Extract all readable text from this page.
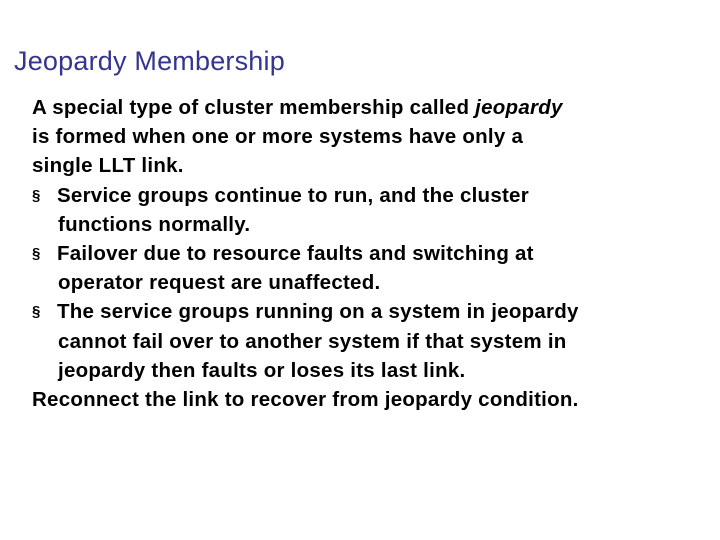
Jeopardy Membership
A special type of cluster membership called jeopardy
is formed when one or more systems have only a
single LLT link.
§ Service groups continue to run, and the cluster
functions normally.
§ Failover due to resource faults and switching at
operator request are unaffected.
§ The service groups running on a system in jeopardy
cannot fail over to another system if that system in
jeopardy then faults or loses its last link.
Reconnect the link to recover from jeopardy condition.
